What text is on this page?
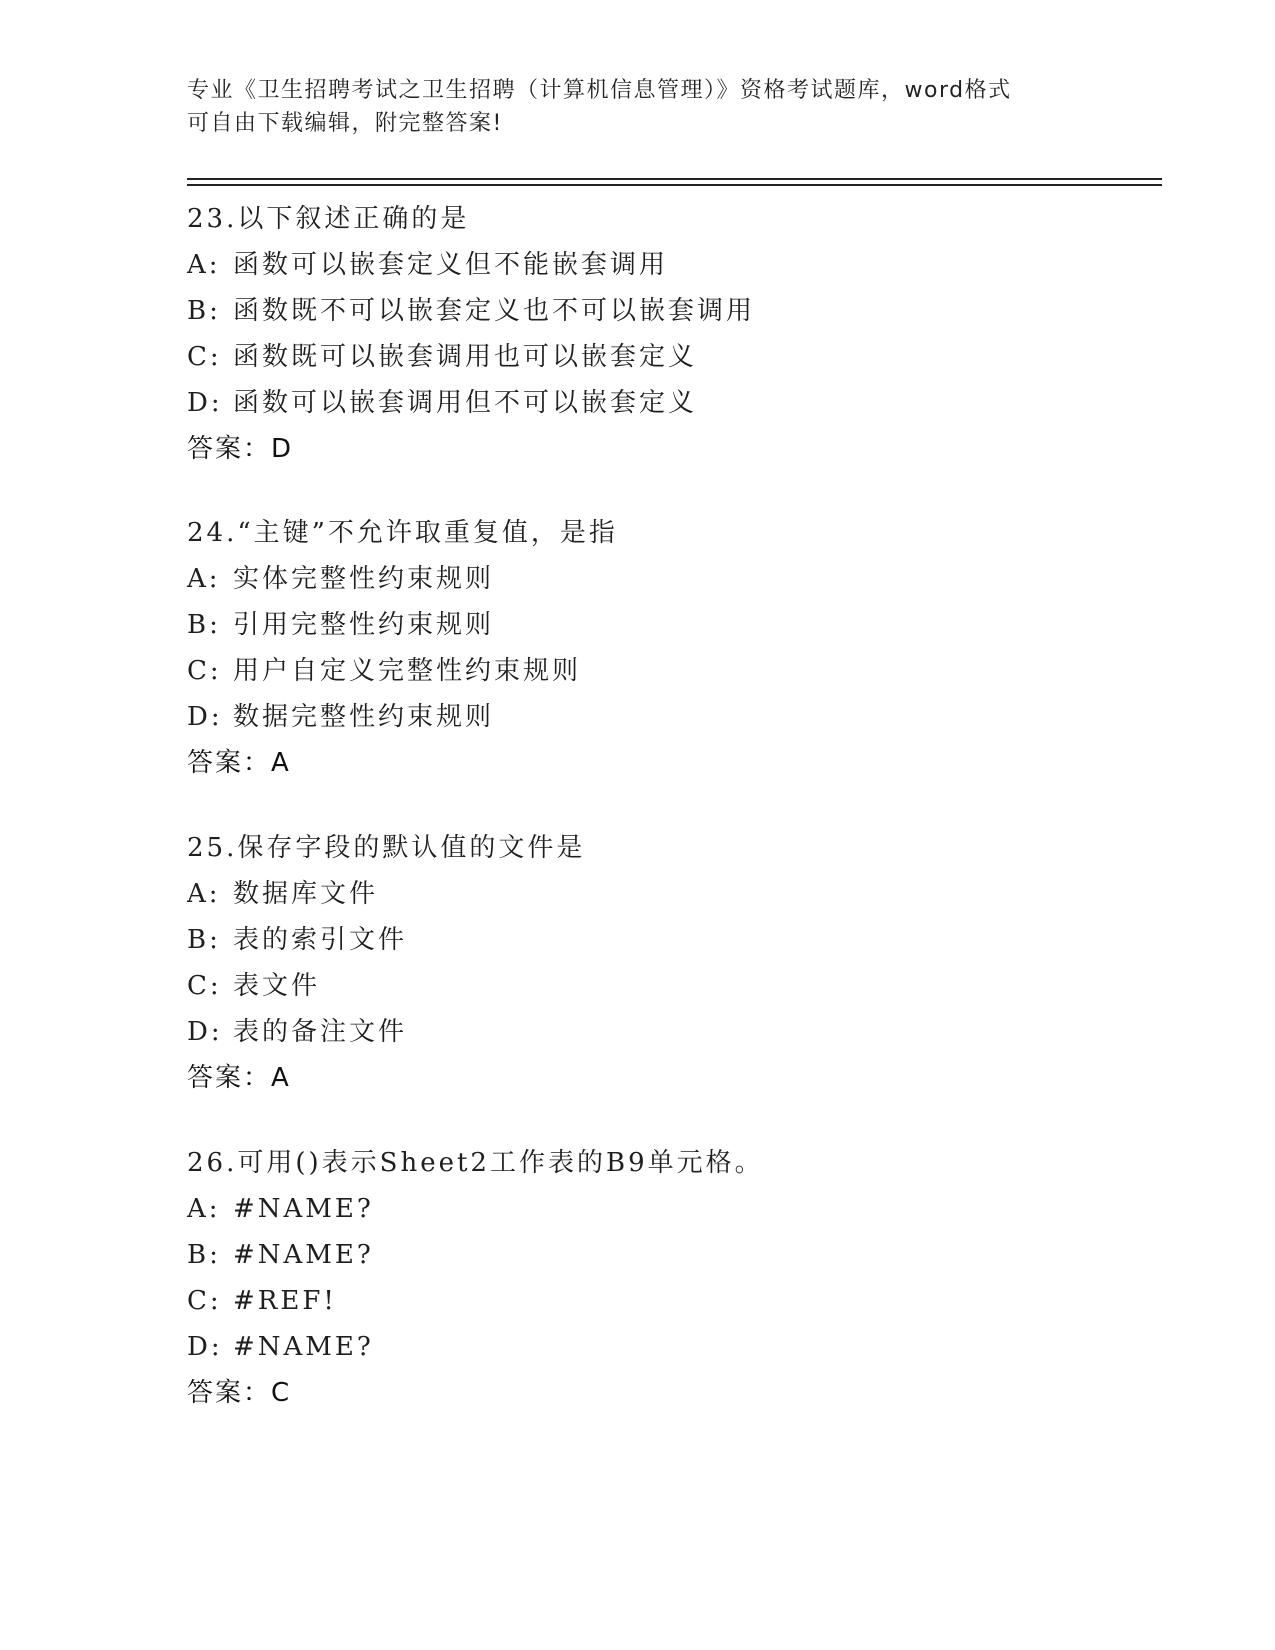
专业《卫生招聘考试之卫生招聘（计算机信息管理）》资格考试题库，word格式
可自由下载编辑，附完整答案!
23.以下叙述正确的是
A: 函数可以嵌套定义但不能嵌套调用
B: 函数既不可以嵌套定义也不可以嵌套调用
C: 函数既可以嵌套调用也可以嵌套定义
D: 函数可以嵌套调用但不可以嵌套定义
答案：D
24.“主键”不允许取重复值，是指
A: 实体完整性约束规则
B: 引用完整性约束规则
C: 用户自定义完整性约束规则
D: 数据完整性约束规则
答案：A
25.保存字段的默认值的文件是
A: 数据库文件
B: 表的索引文件
C: 表文件
D: 表的备注文件
答案：A
26.可用()表示Sheet2工作表的B9单元格。
A: #NAME?
B: #NAME?
C: #REF!
D: #NAME?
答案：C
